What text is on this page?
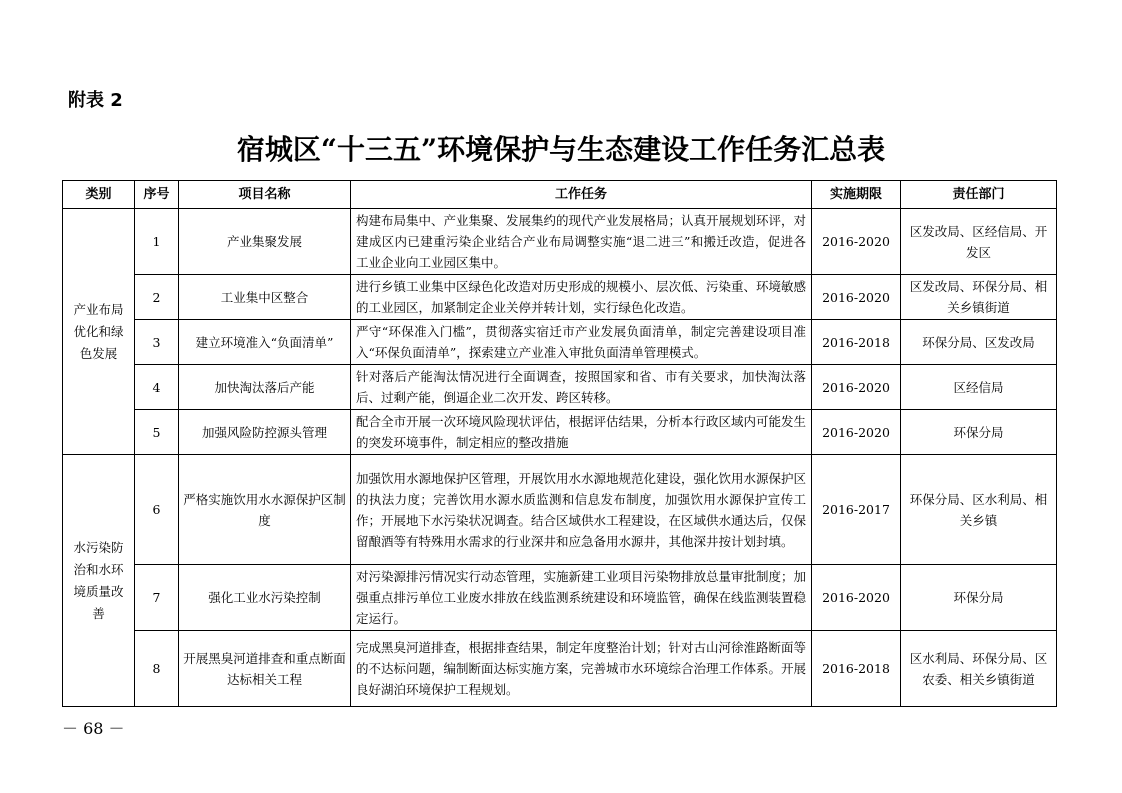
附表 2
宿城区“十三五”环境保护与生态建设工作任务汇总表
类别	序号	项目名称	工作任务	实施期限	责任部门
产业布局优化和绿色发展	1	产业集聚发展	构建布局集中、产业集聚、发展集约的现代产业发展格局；认真开展规划环评，对建成区内已建重污染企业结合产业布局调整实施“退二进三”和搬迁改造，促进各工业企业向工业园区集中。	2016-2020	区发改局、区经信局、开发区
	2	工业集中区整合	进行乡镇工业集中区绿色化改造对历史形成的规模小、层次低、污染重、环境敏感的工业园区，加紧制定企业关停并转计划，实行绿色化改造。	2016-2020	区发改局、环保分局、相关乡镇街道
	3	建立环境准入“负面清单”	严守“环保准入门槛”，贯彻落实宿迁市产业发展负面清单，制定完善建设项目准入“环保负面清单”，探索建立产业准入审批负面清单管理模式。	2016-2018	环保分局、区发改局
	4	加快淘汰落后产能	针对落后产能淘汰情况进行全面调查，按照国家和省、市有关要求，加快淘汰落后、过剩产能，倒逼企业二次开发、跨区转移。	2016-2020	区经信局
	5	加强风险防控源头管理	配合全市开展一次环境风险现状评估，根据评估结果，分析本行政区域内可能发生的突发环境事件，制定相应的整改措施	2016-2020	环保分局
水污染防治和水环境质量改善	6	严格实施饮用水水源保护区制度	加强饮用水源地保护区管理，开展饮用水水源地规范化建设，强化饮用水源保护区的执法力度；完善饮用水源水质监测和信息发布制度，加强饮用水源保护宣传工作；开展地下水污染状况调查。结合区域供水工程建设，在区域供水通达后，仅保留酿酒等有特殊用水需求的行业深井和应急备用水源井，其他深井按计划封填。	2016-2017	环保分局、区水利局、相关乡镇
	7	强化工业水污染控制	对污染源排污情况实行动态管理，实施新建工业项目污染物排放总量审批制度；加强重点排污单位工业废水排放在线监测系统建设和环境监管，确保在线监测装置稳定运行。	2016-2020	环保分局
	8	开展黑臭河道排查和重点断面达标相关工程	完成黑臭河道排查，根据排查结果，制定年度整治计划；针对古山河徐淮路断面等的不达标问题，编制断面达标实施方案，完善城市水环境综合治理工作体系。开展良好湖泊环境保护工程规划。	2016-2018	区水利局、环保分局、区农委、相关乡镇街道
－ 68 －
